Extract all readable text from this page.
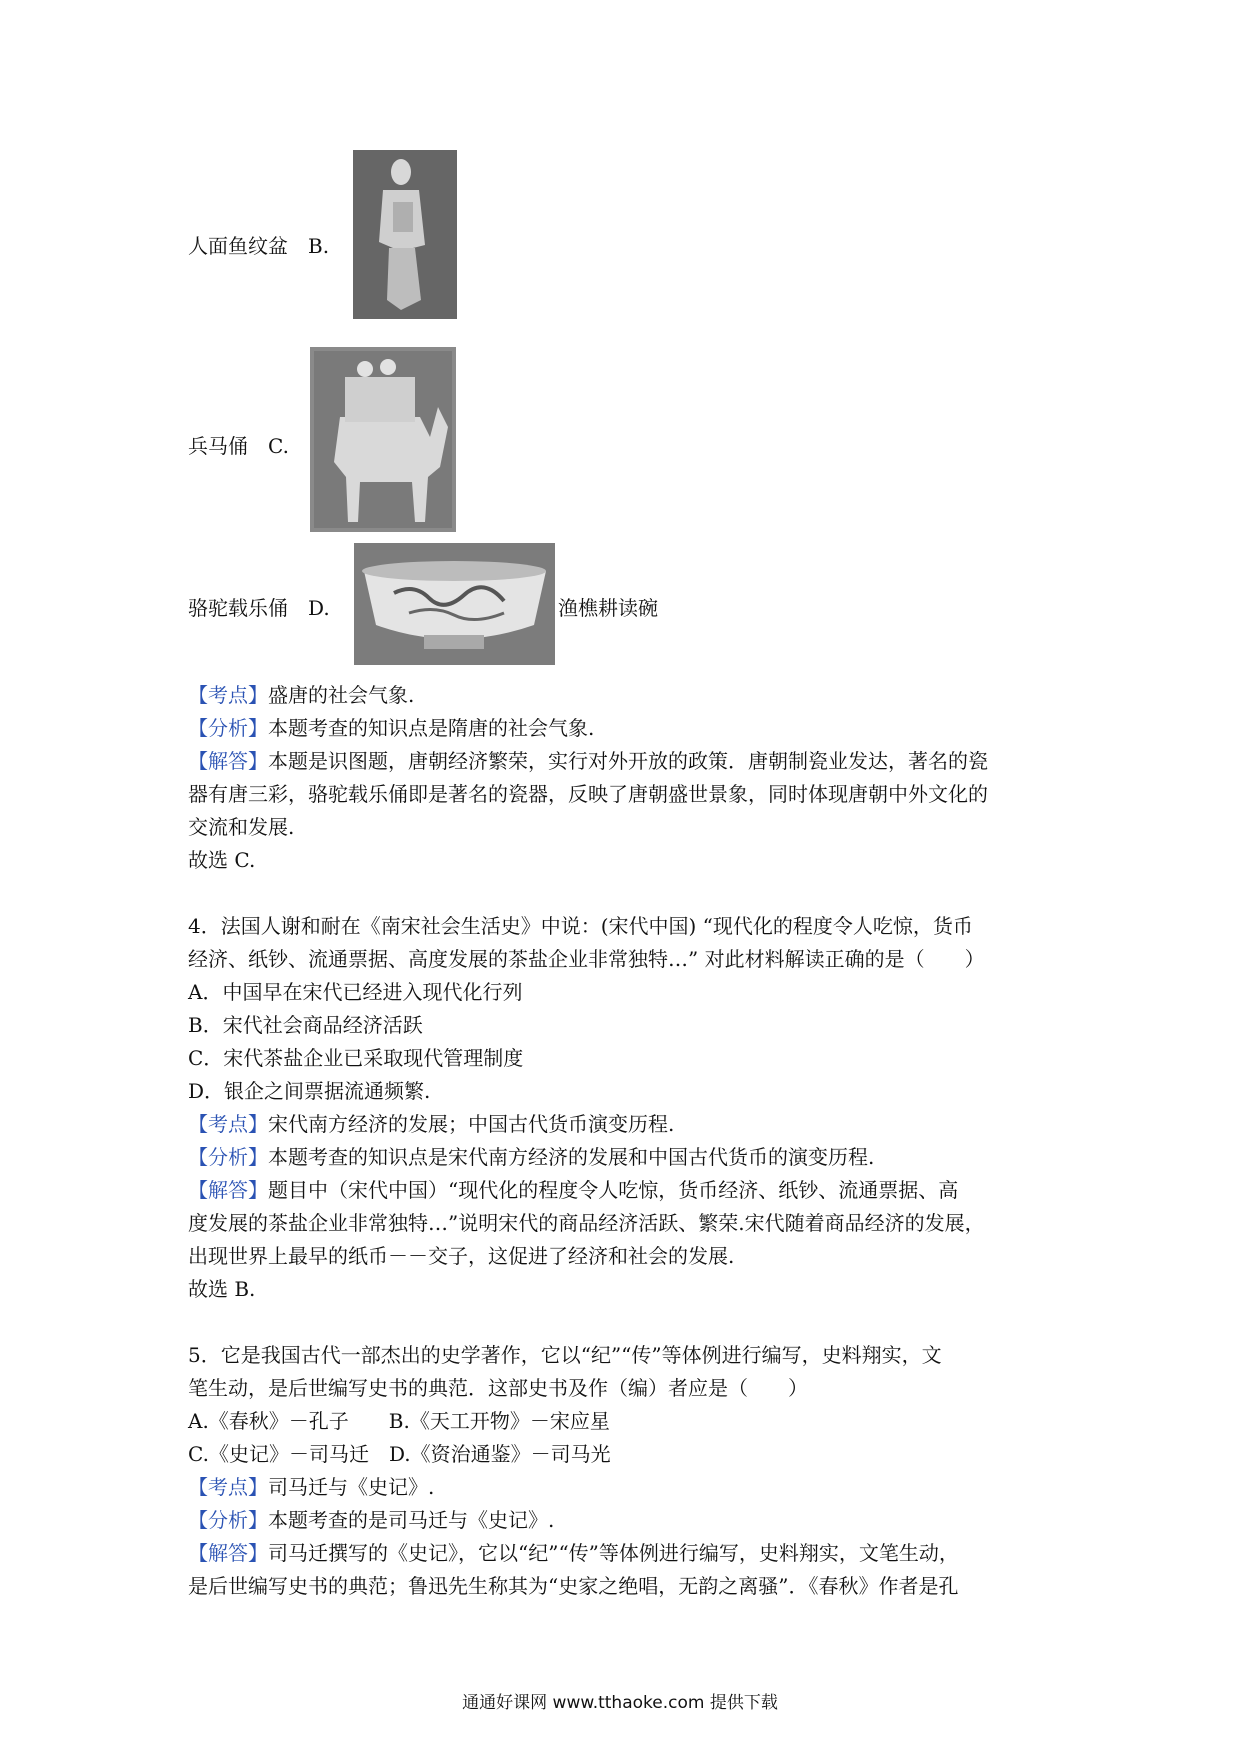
人面鱼纹盆　 B.
兵马俑　 C.
骆驼载乐俑　 D.	渔樵耕读碗
【考点】盛唐的社会气象.
【分析】本题考查的知识点是隋唐的社会气象.
【解答】本题是识图题，唐朝经济繁荣，实行对外开放的政策．唐朝制瓷业发达，著名的瓷
器有唐三彩，骆驼载乐俑即是著名的瓷器，反映了唐朝盛世景象，同时体现唐朝中外文化的
交流和发展.
故选 C.
4．法国人谢和耐在《南宋社会生活史》中说：(宋代中国) “现代化的程度令人吃惊，货币
经济、纸钞、流通票据、高度发展的茶盐企业非常独特…” 对此材料解读正确的是（　　）
A．中国早在宋代已经进入现代化行列
B．宋代社会商品经济活跃
C．宋代茶盐企业已采取现代管理制度
D．银企之间票据流通频繁.
【考点】宋代南方经济的发展；中国古代货币演变历程.
【分析】本题考查的知识点是宋代南方经济的发展和中国古代货币的演变历程.
【解答】题目中（宋代中国）“现代化的程度令人吃惊，货币经济、纸钞、流通票据、高
度发展的茶盐企业非常独特…”说明宋代的商品经济活跃、繁荣.宋代随着商品经济的发展，
出现世界上最早的纸币－－交子，这促进了经济和社会的发展.
故选 B.
5．它是我国古代一部杰出的史学著作，它以“纪”“传”等体例进行编写，史料翔实，文
笔生动，是后世编写史书的典范．这部史书及作（编）者应是（　　）
A.《春秋》－孔子　　B.《天工开物》－宋应星
C.《史记》－司马迁　D.《资治通鉴》－司马光
【考点】司马迁与《史记》.
【分析】本题考查的是司马迁与《史记》.
【解答】司马迁撰写的《史记》，它以“纪”“传”等体例进行编写，史料翔实，文笔生动，
是后世编写史书的典范；鲁迅先生称其为“史家之绝唱，无韵之离骚”．《春秋》作者是孔
通通好课网 www.tthaoke.com 提供下载
